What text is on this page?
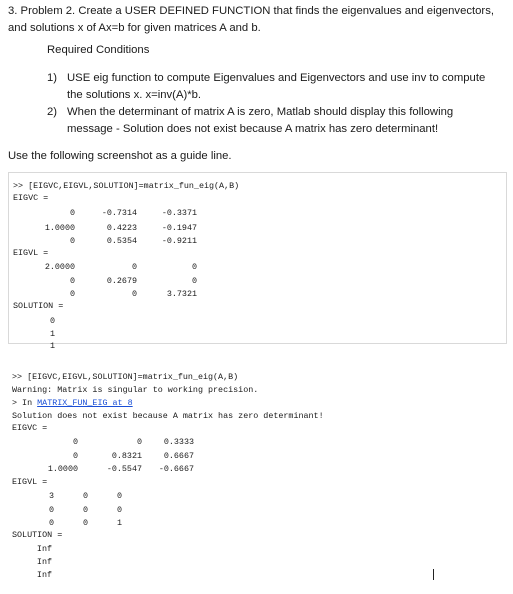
3. Problem 2. Create a USER DEFINED FUNCTION that finds the eigenvalues and eigenvectors, and solutions x of Ax=b for given matrices A and b.
Required Conditions
1) USE eig function to compute Eigenvalues and Eigenvectors and use inv to compute the solutions x. x=inv(A)*b.
2) When the determinant of matrix A is zero, Matlab should display this following message - Solution does not exist because A matrix has zero determinant!
Use the following screenshot as a guide line.
>> [EIGVC,EIGVL,SOLUTION]=matrix_fun_eig(A,B)
EIGVC =
0	-0.7314	-0.3371
1.0000	0.4223	-0.1947
0	0.5354	-0.9211
EIGVL =
2.0000	0	0
0	0.2679	0
0	0	3.7321
SOLUTION =
0
1
1
>> [EIGVC,EIGVL,SOLUTION]=matrix_fun_eig(A,B)
Warning: Matrix is singular to working precision.
> In MATRIX_FUN_EIG at 8
Solution does not exist because A matrix has zero determinant!
EIGVC =
0	0	0.3333
0	0.8321	0.6667
1.0000	-0.5547	-0.6667
EIGVL =
3	0	0
0	0	0
0	0	1
SOLUTION =
Inf
Inf
Inf
